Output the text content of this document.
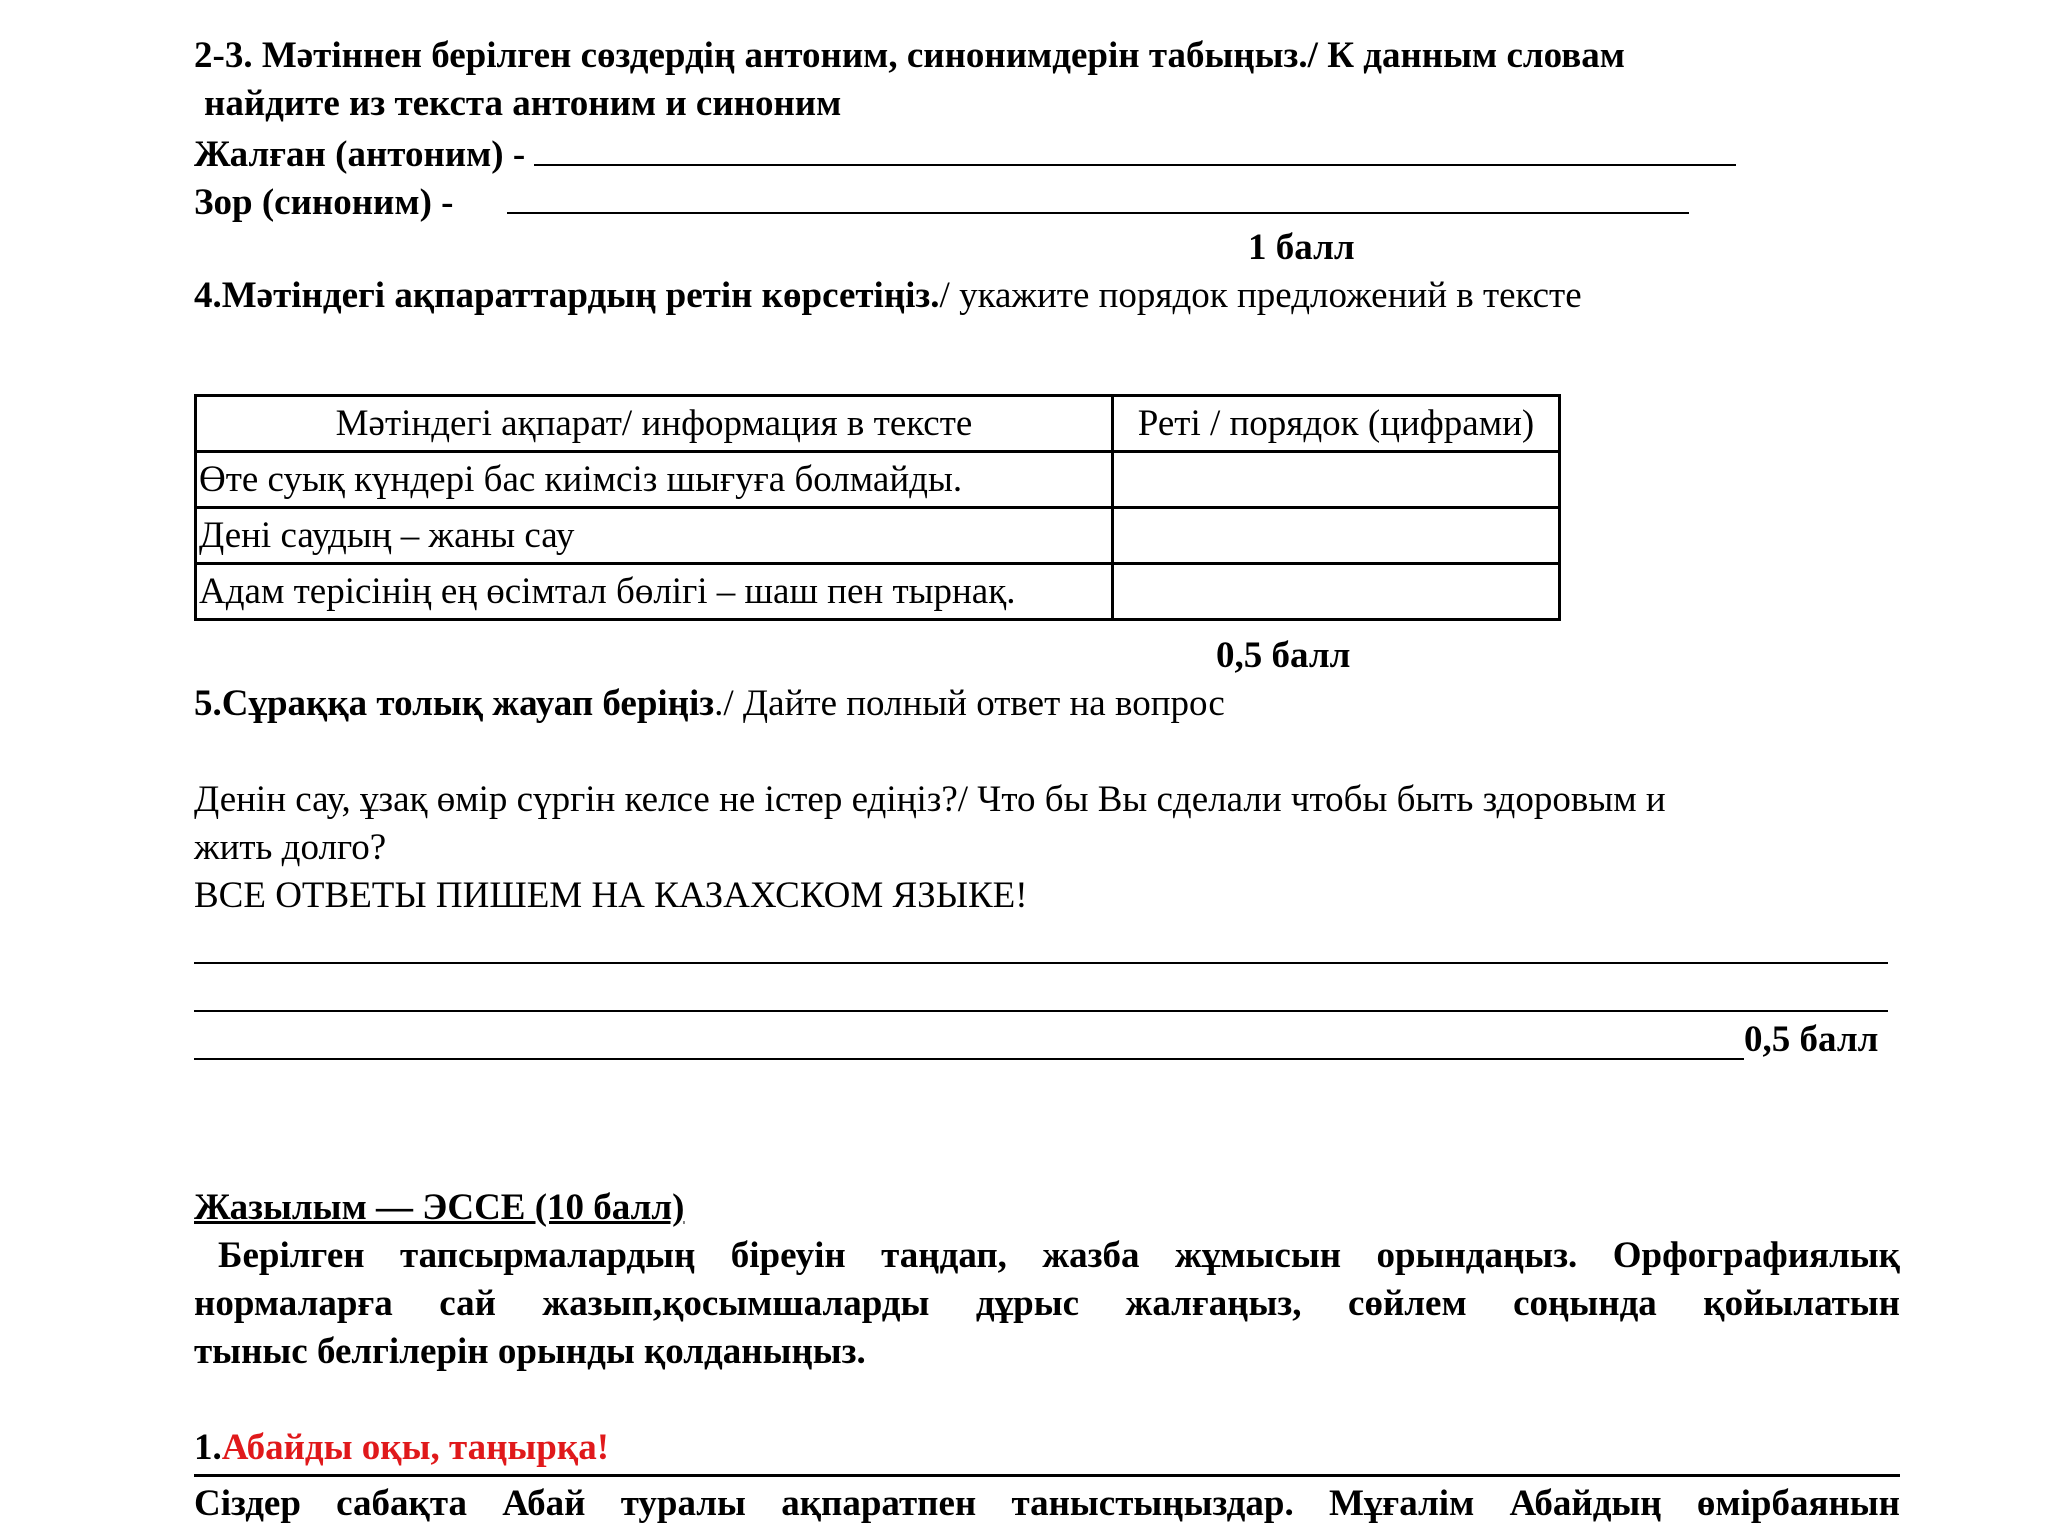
2-3. Мәтіннен берілген сөздердің антоним, синонимдерін табыңыз./ К данным словам
найдите из текста антоним и синоним
Жалған (антоним) -
Зор (синоним) -
1 балл
4.Мәтіндегі ақпараттардың ретін көрсетіңіз./ укажите порядок предложений в тексте
Мәтіндегі ақпарат/ информация в тексте	Реті / порядок (цифрами)
Өте суық күндері бас киімсіз шығуға болмайды.	
Дені саудың – жаны сау	
Адам терісінің ең өсімтал бөлігі – шаш пен тырнақ.	
0,5 балл
5.Сұраққа толық жауап беріңіз./ Дайте полный ответ на вопрос
Денін сау, ұзақ өмір сүргін келсе не істер едіңіз?/ Что бы Вы сделали чтобы быть здоровым и
жить долго?
ВСЕ ОТВЕТЫ ПИШЕМ НА КАЗАХСКОМ ЯЗЫКЕ!
0,5 балл
Жазылым — ЭССЕ (10 балл)
Берілген тапсырмалардың біреуін таңдап, жазба жұмысын орындаңыз. Орфографиялық
нормаларға сай жазып,қосымшаларды дұрыс жалғаңыз, сөйлем соңында қойылатын
тыныс белгілерін орынды қолданыңыз.
1.Абайды оқы, таңырқа!
Сіздер сабақта Абай туралы ақпаратпен таныстыңыздар. Мұғалім Абайдың өмірбаянын
